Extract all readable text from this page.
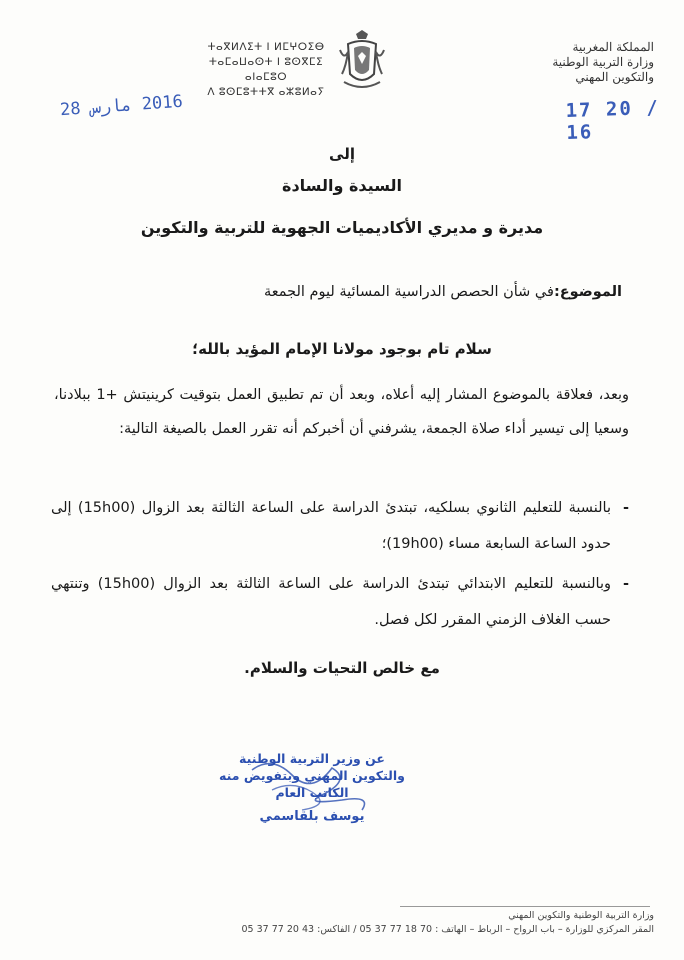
المملكة المغربية
وزارة التربية الوطنية
والتكوين المهني
ⵜⴰⴳⵍⴷⵉⵜ ⵏ ⵍⵎⵖⵔⵉⴱ
ⵜⴰⵎⴰⵡⴰⵙⵜ ⵏ ⵓⵙⴳⵎⵉ ⴰⵏⴰⵎⵓⵔ
ⴷ ⵓⵙⵎⵓⵜⵜⴳ ⴰⵣⵓⵍⴰⵢ
2016 مارس 28	17 20 / 16
إلى
السيدة والسادة
مديرة و مديري الأكاديميات الجهوية للتربية والتكوين
الموضوع:في شأن الحصص الدراسية المسائية ليوم الجمعة
سلام تام بوجود مولانا الإمام المؤيد بالله؛
وبعد، فعلاقة بالموضوع المشار إليه أعلاه، وبعد أن تم تطبيق العمل بتوقيت كرينيتش +1 ببلادنا، وسعيا إلى تيسير أداء صلاة الجمعة، يشرفني أن أخبركم أنه تقرر العمل بالصيغة التالية:
- بالنسبة للتعليم الثانوي بسلكيه، تبتدئ الدراسة على الساعة الثالثة بعد الزوال (15h00) إلى حدود الساعة السابعة مساء (19h00)؛
- وبالنسبة للتعليم الابتدائي تبتدئ الدراسة على الساعة الثالثة بعد الزوال (15h00) وتنتهي حسب الغلاف الزمني المقرر لكل فصل.
مع خالص التحيات والسلام.
عن وزير التربية الوطنية
والتكوين المهني وبتفويض منه
الكاتب العام
يوسف بلقاسمي
وزارة التربية الوطنية والتكوين المهني
المقر المركزي للوزارة – باب الرواح – الرباط – الهاتف : 70 18 77 37 05 / الفاكس: 43 20 77 37 05
